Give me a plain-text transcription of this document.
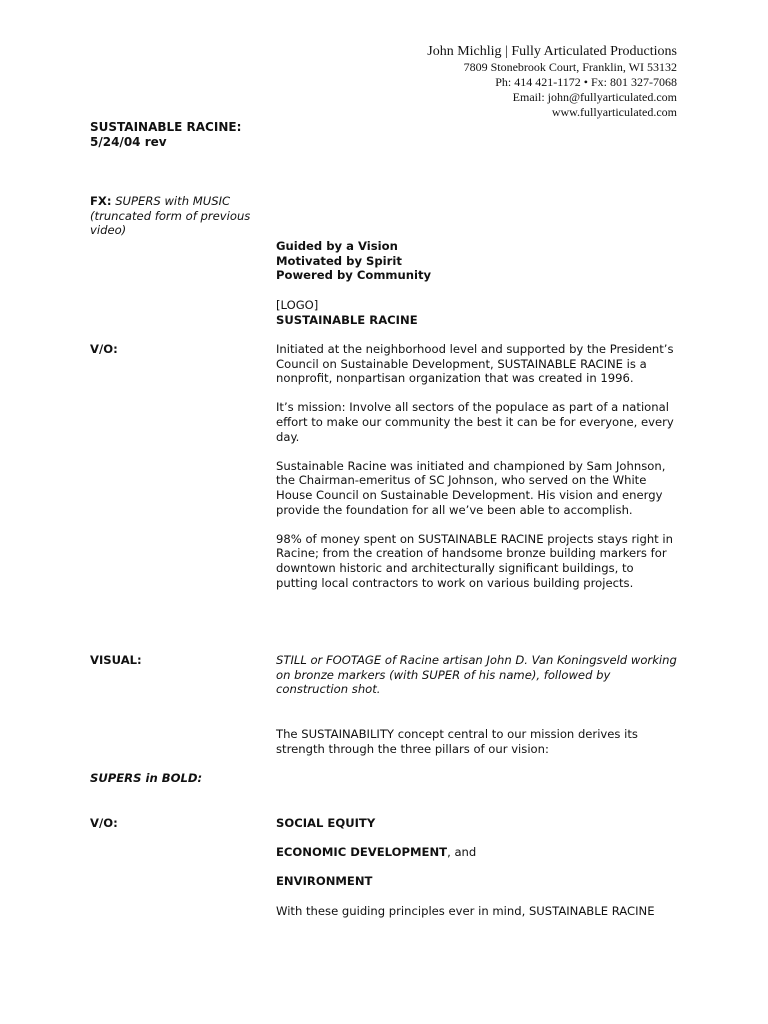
John Michlig | Fully Articulated Productions
7809 Stonebrook Court, Franklin, WI 53132
Ph: 414 421-1172 • Fx: 801 327-7068
Email: john@fullyarticulated.com
www.fullyarticulated.com
SUSTAINABLE RACINE:
5/24/04 rev
FX: SUPERS with MUSIC (truncated form of previous video)
Guided by a Vision
Motivated by Spirit
Powered by Community
[LOGO]
SUSTAINABLE RACINE
V/O:	Initiated at the neighborhood level and supported by the President’s Council on Sustainable Development, SUSTAINABLE RACINE is a nonprofit, nonpartisan organization that was created in 1996.

It’s mission: Involve all sectors of the populace as part of a national effort to make our community the best it can be for everyone, every day.

Sustainable Racine was initiated and championed by Sam Johnson, the Chairman-emeritus of SC Johnson, who served on the White House Council on Sustainable Development. His vision and energy provide the foundation for all we’ve been able to accomplish.

98% of money spent on SUSTAINABLE RACINE projects stays right in Racine; from the creation of handsome bronze building markers for downtown historic and architecturally significant buildings, to putting local contractors to work on various building projects.

VISUAL:	STILL or FOOTAGE of Racine artisan John D. Van Koningsveld working on bronze markers (with SUPER of his name), followed by construction shot.
The SUSTAINABILITY concept central to our mission derives its strength through the three pillars of our vision:
SUPERS in BOLD:
V/O:	SOCIAL EQUITY
ECONOMIC DEVELOPMENT, and
ENVIRONMENT
With these guiding principles ever in mind, SUSTAINABLE RACINE
